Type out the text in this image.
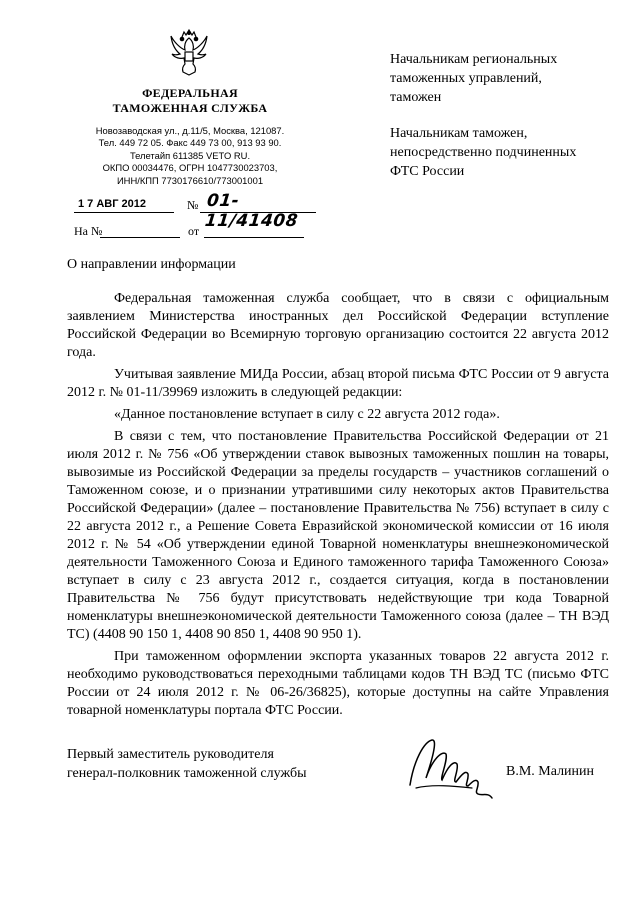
ФЕДЕРАЛЬНАЯ
ТАМОЖЕННАЯ СЛУЖБА
Новозаводская ул., д.11/5, Москва, 121087.
Тел. 449 72 05. Факс 449 73 00, 913 93 90.
Телетайп 611385 VETO RU.
ОКПО 00034476, ОГРН 1047730023703,
ИНН/КПП 7730176610/773001001
1 7 АВГ 2012	№ 01-11/41408
На №	от

Начальникам региональных
таможенных управлений,
таможен

Начальникам таможен,
непосредственно подчиненных
ФТС России

О направлении информации

Федеральная таможенная служба сообщает, что в связи с официальным заявлением Министерства иностранных дел Российской Федерации вступление Российской Федерации во Всемирную торговую организацию состоится 22 августа 2012 года.

Учитывая заявление МИДа России, абзац второй письма ФТС России от 9 августа 2012 г. № 01-11/39969 изложить в следующей редакции:

«Данное постановление вступает в силу с 22 августа 2012 года».

В связи с тем, что постановление Правительства Российской Федерации от 21 июля 2012 г. № 756 «Об утверждении ставок вывозных таможенных пошлин на товары, вывозимые из Российской Федерации за пределы государств – участников соглашений о Таможенном союзе, и о признании утратившими силу некоторых актов Правительства Российской Федерации» (далее – постановление Правительства № 756) вступает в силу с 22 августа 2012 г., а Решение Совета Евразийской экономической комиссии от 16 июля 2012 г. № 54 «Об утверждении единой Товарной номенклатуры внешнеэкономической деятельности Таможенного Союза и Единого таможенного тарифа Таможенного Союза» вступает в силу с 23 августа 2012 г., создается ситуация, когда в постановлении Правительства № 756 будут присутствовать недействующие три кода Товарной номенклатуры внешнеэкономической деятельности Таможенного союза (далее – ТН ВЭД ТС) (4408 90 150 1, 4408 90 850 1, 4408 90 950 1).

При таможенном оформлении экспорта указанных товаров 22 августа 2012 г. необходимо руководствоваться переходными таблицами кодов ТН ВЭД ТС (письмо ФТС России от 24 июля 2012 г. № 06-26/36825), которые доступны на сайте Управления товарной номенклатуры портала ФТС России.

Первый заместитель руководителя
генерал-полковник таможенной службы	В.М. Малинин
